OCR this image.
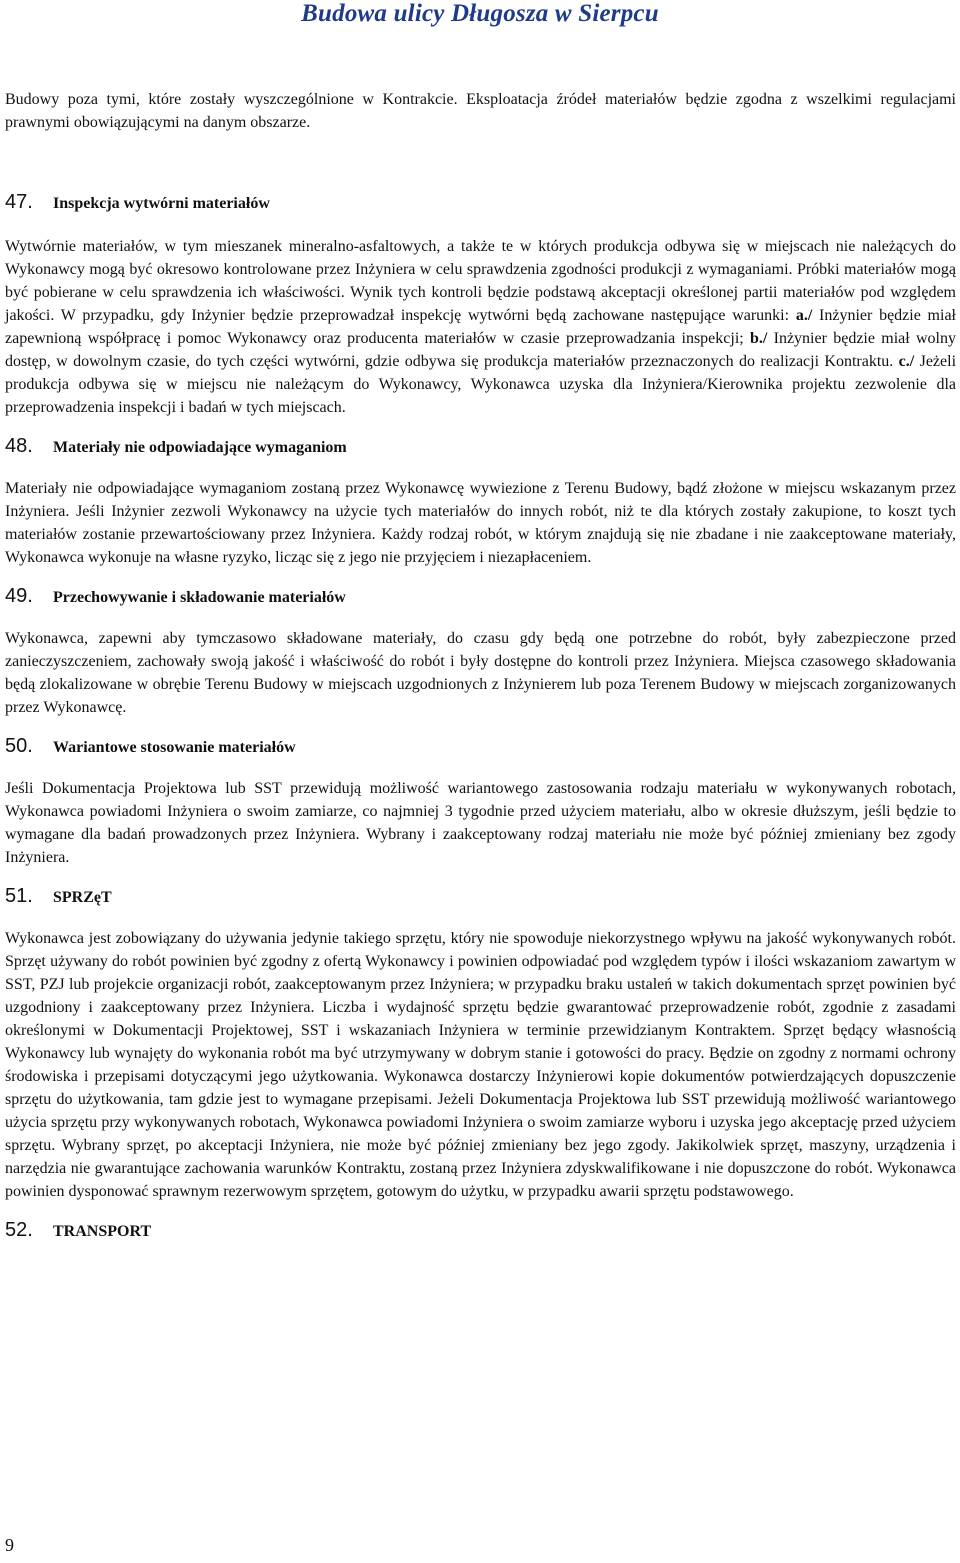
Budowa ulicy Długosza w Sierpcu

Budowy poza tymi, które zostały wyszczególnione w Kontrakcie. Eksploatacja źródeł materiałów będzie zgodna z wszelkimi regulacjami prawnymi obowiązującymi na danym obszarze.

47.	Inspekcja wytwórni materiałów

Wytwórnie materiałów, w tym mieszanek mineralno-asfaltowych, a także te w których produkcja odbywa się w miejscach nie należących do Wykonawcy mogą być okresowo kontrolowane przez Inżyniera w celu sprawdzenia zgodności produkcji z wymaganiami. Próbki materiałów mogą być pobierane w celu sprawdzenia ich właściwości. Wynik tych kontroli będzie podstawą akceptacji określonej partii materiałów pod względem jakości. W przypadku, gdy Inżynier będzie przeprowadzał inspekcję wytwórni będą zachowane następujące warunki: a./ Inżynier będzie miał zapewnioną współpracę i pomoc Wykonawcy oraz producenta materiałów w czasie przeprowadzania inspekcji; b./ Inżynier będzie miał wolny dostęp, w dowolnym czasie, do tych części wytwórni, gdzie odbywa się produkcja materiałów przeznaczonych do realizacji Kontraktu. c./ Jeżeli produkcja odbywa się w miejscu nie należącym do Wykonawcy, Wykonawca uzyska dla Inżyniera/Kierownika projektu zezwolenie dla przeprowadzenia inspekcji i badań w tych miejscach.

48.	Materiały nie odpowiadające wymaganiom

Materiały nie odpowiadające wymaganiom zostaną przez Wykonawcę wywiezione z Terenu Budowy, bądź złożone w miejscu wskazanym przez Inżyniera. Jeśli Inżynier zezwoli Wykonawcy na użycie tych materiałów do innych robót, niż te dla których zostały zakupione, to koszt tych materiałów zostanie przewartościowany przez Inżyniera. Każdy rodzaj robót, w którym znajdują się nie zbadane i nie zaakceptowane materiały, Wykonawca wykonuje na własne ryzyko, licząc się z jego nie przyjęciem i niezapłaceniem.

49.	Przechowywanie i składowanie materiałów

Wykonawca, zapewni aby tymczasowo składowane materiały, do czasu gdy będą one potrzebne do robót, były zabezpieczone przed zanieczyszczeniem, zachowały swoją jakość i właściwość do robót i były dostępne do kontroli przez Inżyniera. Miejsca czasowego składowania będą zlokalizowane w obrębie Terenu Budowy w miejscach uzgodnionych z Inżynierem lub poza Terenem Budowy w miejscach zorganizowanych przez Wykonawcę.

50.	Wariantowe stosowanie materiałów

Jeśli Dokumentacja Projektowa lub SST przewidują możliwość wariantowego zastosowania rodzaju materiału w wykonywanych robotach, Wykonawca powiadomi Inżyniera o swoim zamiarze, co najmniej 3 tygodnie przed użyciem materiału, albo w okresie dłuższym, jeśli będzie to wymagane dla badań prowadzonych przez Inżyniera. Wybrany i zaakceptowany rodzaj materiału nie może być później zmieniany bez zgody Inżyniera.

51.	SPRZęT

Wykonawca jest zobowiązany do używania jedynie takiego sprzętu, który nie spowoduje niekorzystnego wpływu na jakość wykonywanych robót. Sprzęt używany do robót powinien być zgodny z ofertą Wykonawcy i powinien odpowiadać pod względem typów i ilości wskazaniom zawartym w SST, PZJ lub projekcie organizacji robót, zaakceptowanym przez Inżyniera; w przypadku braku ustaleń w takich dokumentach sprzęt powinien być uzgodniony i zaakceptowany przez Inżyniera. Liczba i wydajność sprzętu będzie gwarantować przeprowadzenie robót, zgodnie z zasadami określonymi w Dokumentacji Projektowej, SST i wskazaniach Inżyniera w terminie przewidzianym Kontraktem. Sprzęt będący własnością Wykonawcy lub wynajęty do wykonania robót ma być utrzymywany w dobrym stanie i gotowości do pracy. Będzie on zgodny z normami ochrony środowiska i przepisami dotyczącymi jego użytkowania. Wykonawca dostarczy Inżynierowi kopie dokumentów potwierdzających dopuszczenie sprzętu do użytkowania, tam gdzie jest to wymagane przepisami. Jeżeli Dokumentacja Projektowa lub SST przewidują możliwość wariantowego użycia sprzętu przy wykonywanych robotach, Wykonawca powiadomi Inżyniera o swoim zamiarze wyboru i uzyska jego akceptację przed użyciem sprzętu. Wybrany sprzęt, po akceptacji Inżyniera, nie może być później zmieniany bez jego zgody. Jakikolwiek sprzęt, maszyny, urządzenia i narzędzia nie gwarantujące zachowania warunków Kontraktu, zostaną przez Inżyniera zdyskwalifikowane i nie dopuszczone do robót. Wykonawca powinien dysponować sprawnym rezerwowym sprzętem, gotowym do użytku, w przypadku awarii sprzętu podstawowego.

52.	TRANSPORT
9
